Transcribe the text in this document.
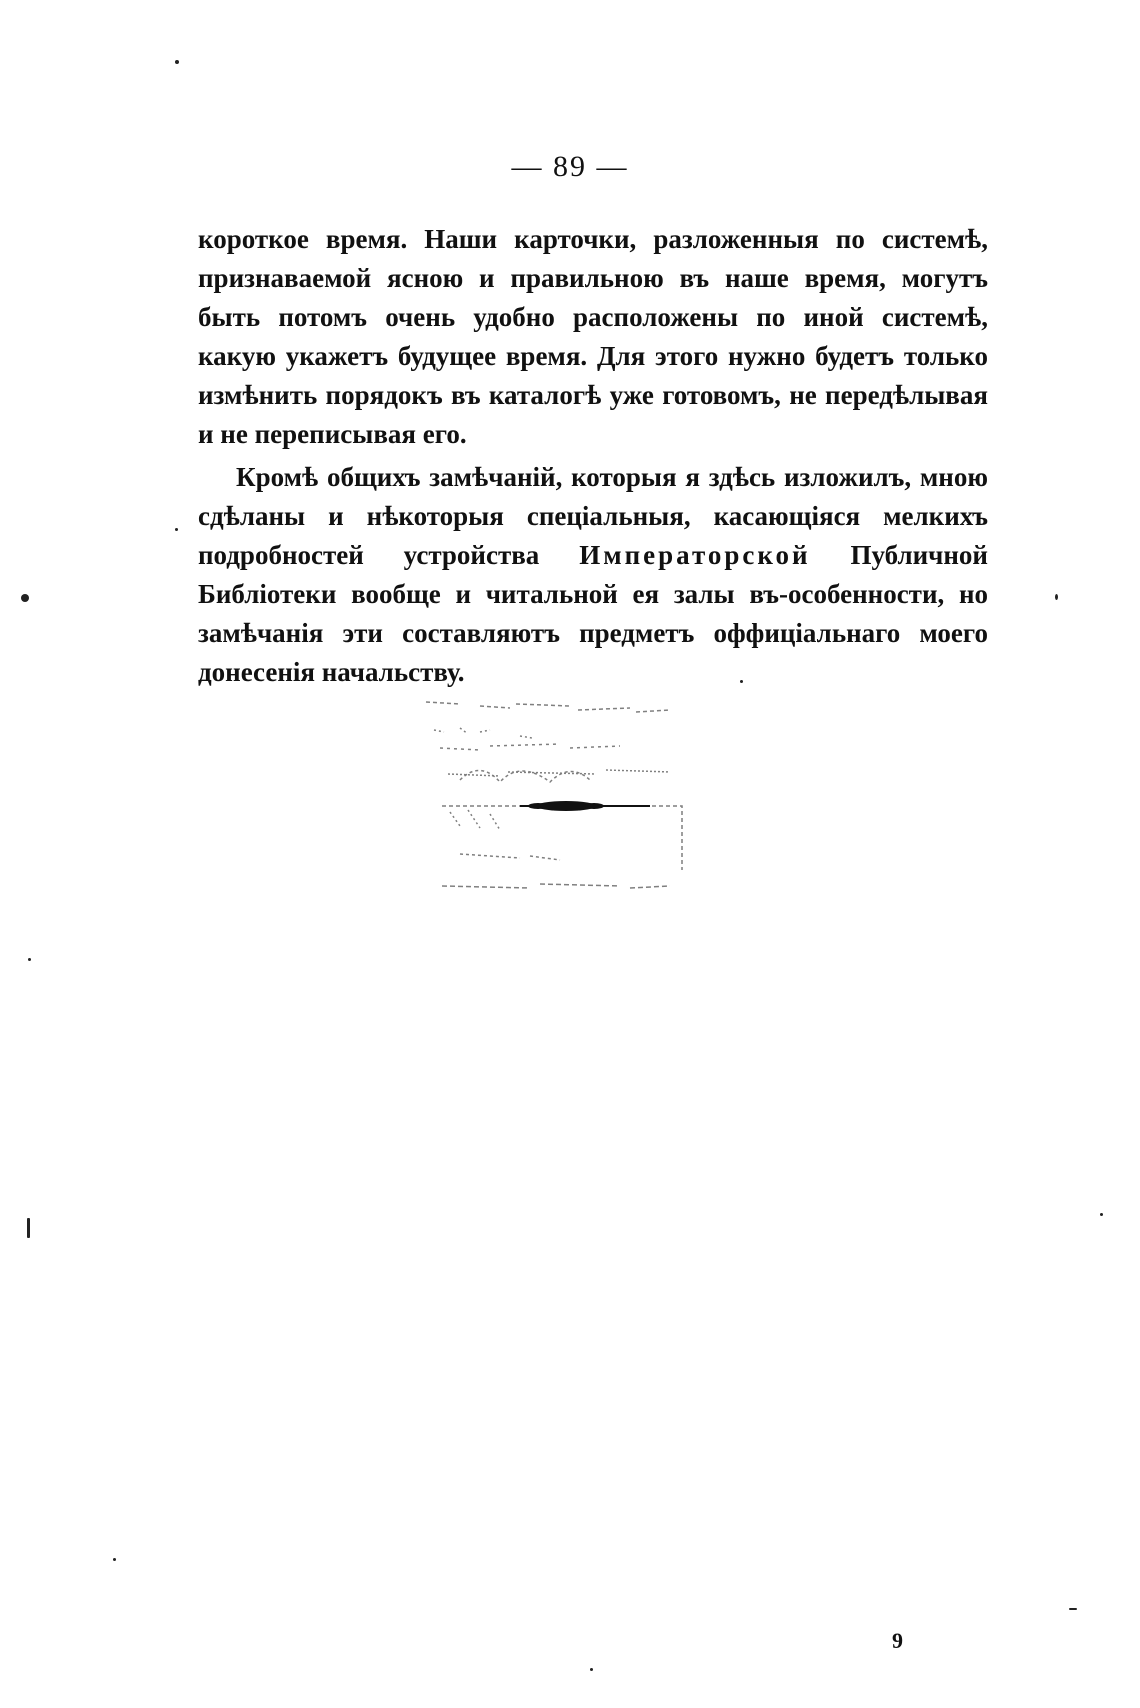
— 89 —

короткое время. Наши карточки, разложенныя по системѣ, признаваемой ясною и правильною въ наше время, могутъ быть потомъ очень удобно расположены по иной системѣ, какую укажетъ будущее время. Для этого нужно будетъ только измѣнить порядокъ въ каталогѣ уже готовомъ, не передѣлывая и не переписывая его.

Кромѣ общихъ замѣчаній, которыя я здѣсь изложилъ, мною сдѣланы и нѣкоторыя спеціальныя, касающіяся мелкихъ подробностей устройства Императорской Публичной Библіотеки вообще и читальной ея залы въ-особенности, но замѣчанія эти составляютъ предметъ оффиціальнаго моего донесенія начальству.

9
